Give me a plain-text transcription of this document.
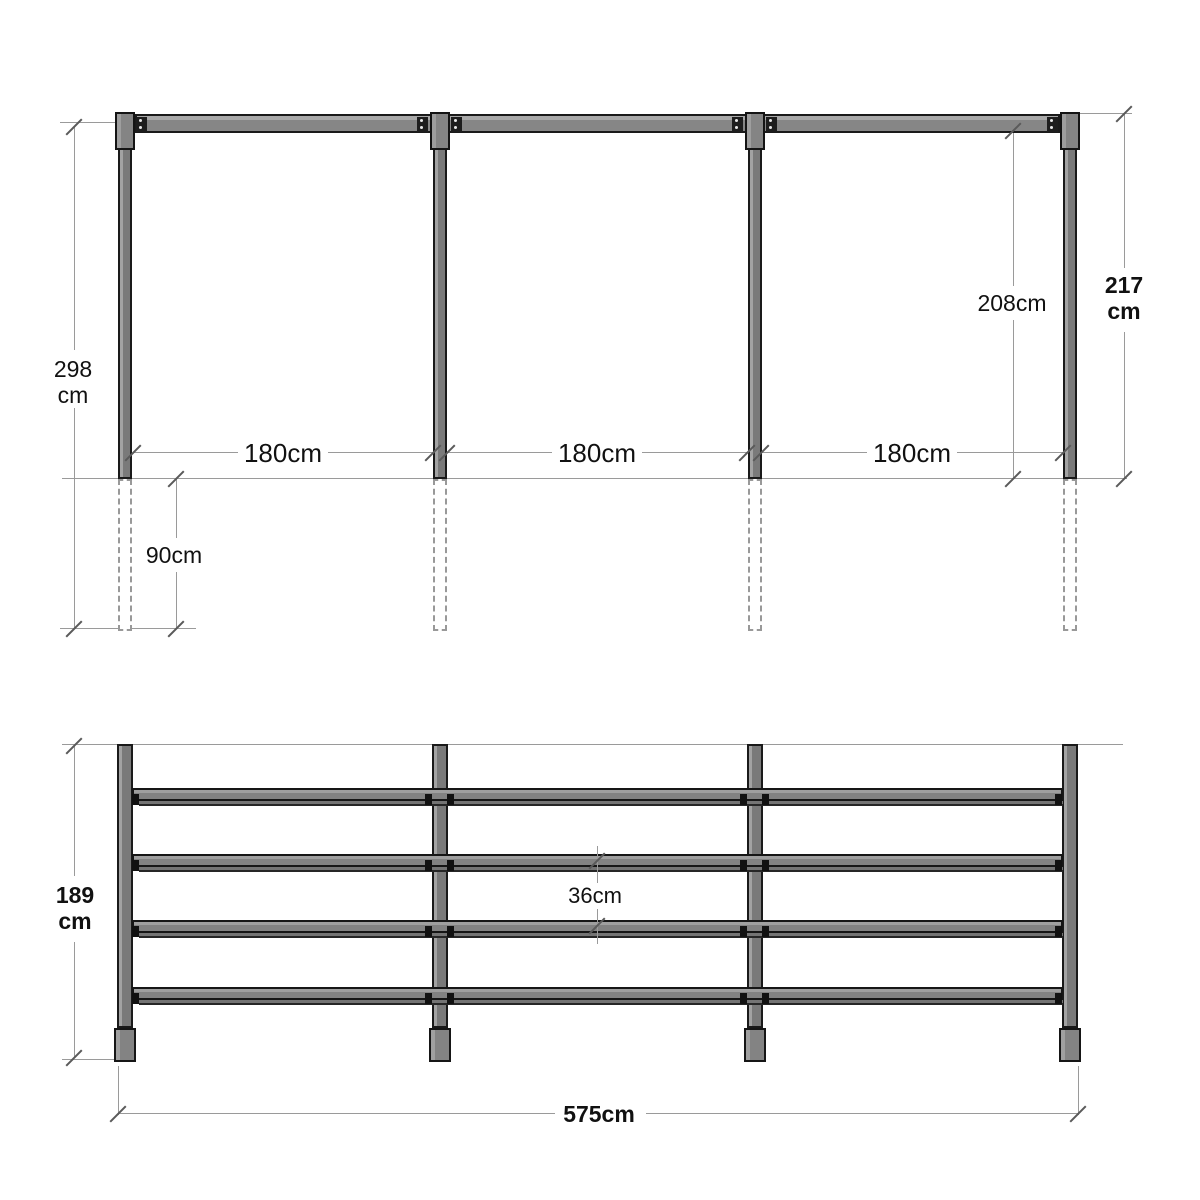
298
cm
90cm
180cm	180cm	180cm
208cm
217
cm
189
cm
36cm
575cm
